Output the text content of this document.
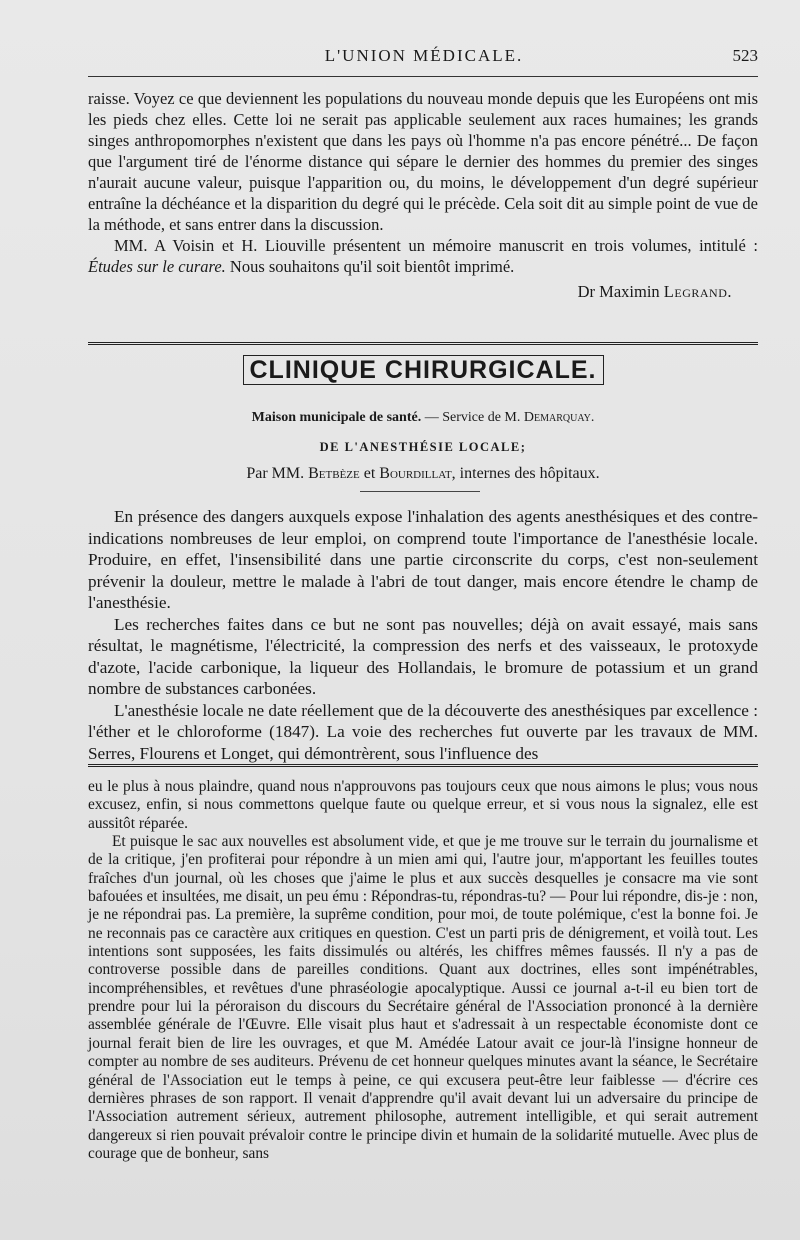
L'UNION MÉDICALE.	523

raisse. Voyez ce que deviennent les populations du nouveau monde depuis que les Européens ont mis les pieds chez elles. Cette loi ne serait pas applicable seulement aux races humaines; les grands singes anthropomorphes n'existent que dans les pays où l'homme n'a pas encore pénétré... De façon que l'argument tiré de l'énorme distance qui sépare le dernier des hommes du premier des singes n'aurait aucune valeur, puisque l'apparition ou, du moins, le développement d'un degré supérieur entraîne la déchéance et la disparition du degré qui le précède. Cela soit dit au simple point de vue de la méthode, et sans entrer dans la discussion.

MM. A Voisin et H. Liouville présentent un mémoire manuscrit en trois volumes, intitulé : Études sur le curare. Nous souhaitons qu'il soit bientôt imprimé.

Dr Maximin Legrand.
CLINIQUE CHIRURGICALE.
Maison municipale de santé. — Service de M. Demarquay.
DE L'ANESTHÉSIE LOCALE;
Par MM. Betbèze et Bourdillat, internes des hôpitaux.

En présence des dangers auxquels expose l'inhalation des agents anesthésiques et des contre-indications nombreuses de leur emploi, on comprend toute l'importance de l'anesthésie locale. Produire, en effet, l'insensibilité dans une partie circonscrite du corps, c'est non-seulement prévenir la douleur, mettre le malade à l'abri de tout danger, mais encore étendre le champ de l'anesthésie.

Les recherches faites dans ce but ne sont pas nouvelles; déjà on avait essayé, mais sans résultat, le magnétisme, l'électricité, la compression des nerfs et des vaisseaux, le protoxyde d'azote, l'acide carbonique, la liqueur des Hollandais, le bromure de potassium et un grand nombre de substances carbonées.

L'anesthésie locale ne date réellement que de la découverte des anesthésiques par excellence : l'éther et le chloroforme (1847). La voie des recherches fut ouverte par les travaux de MM. Serres, Flourens et Longet, qui démontrèrent, sous l'influence des

eu le plus à nous plaindre, quand nous n'approuvons pas toujours ceux que nous aimons le plus; vous nous excusez, enfin, si nous commettons quelque faute ou quelque erreur, et si vous nous la signalez, elle est aussitôt réparée.

Et puisque le sac aux nouvelles est absolument vide, et que je me trouve sur le terrain du journalisme et de la critique, j'en profiterai pour répondre à un mien ami qui, l'autre jour, m'apportant les feuilles toutes fraîches d'un journal, où les choses que j'aime le plus et aux succès desquelles je consacre ma vie sont bafouées et insultées, me disait, un peu ému : Répondras-tu, répondras-tu? — Pour lui répondre, dis-je : non, je ne répondrai pas. La première, la suprême condition, pour moi, de toute polémique, c'est la bonne foi. Je ne reconnais pas ce caractère aux critiques en question. C'est un parti pris de dénigrement, et voilà tout. Les intentions sont supposées, les faits dissimulés ou altérés, les chiffres mêmes faussés. Il n'y a pas de controverse possible dans de pareilles conditions. Quant aux doctrines, elles sont impénétrables, incompréhensibles, et revêtues d'une phraséologie apocalyptique. Aussi ce journal a-t-il eu bien tort de prendre pour lui la péroraison du discours du Secrétaire général de l'Association prononcé à la dernière assemblée générale de l'Œuvre. Elle visait plus haut et s'adressait à un respectable économiste dont ce journal ferait bien de lire les ouvrages, et que M. Amédée Latour avait ce jour-là l'insigne honneur de compter au nombre de ses auditeurs. Prévenu de cet honneur quelques minutes avant la séance, le Secrétaire général de l'Association eut le temps à peine, ce qui excusera peut-être leur faiblesse — d'écrire ces dernières phrases de son rapport. Il venait d'apprendre qu'il avait devant lui un adversaire du principe de l'Association autrement sérieux, autrement philosophe, autrement intelligible, et qui serait autrement dangereux si rien pouvait prévaloir contre le principe divin et humain de la solidarité mutuelle. Avec plus de courage que de bonheur, sans
